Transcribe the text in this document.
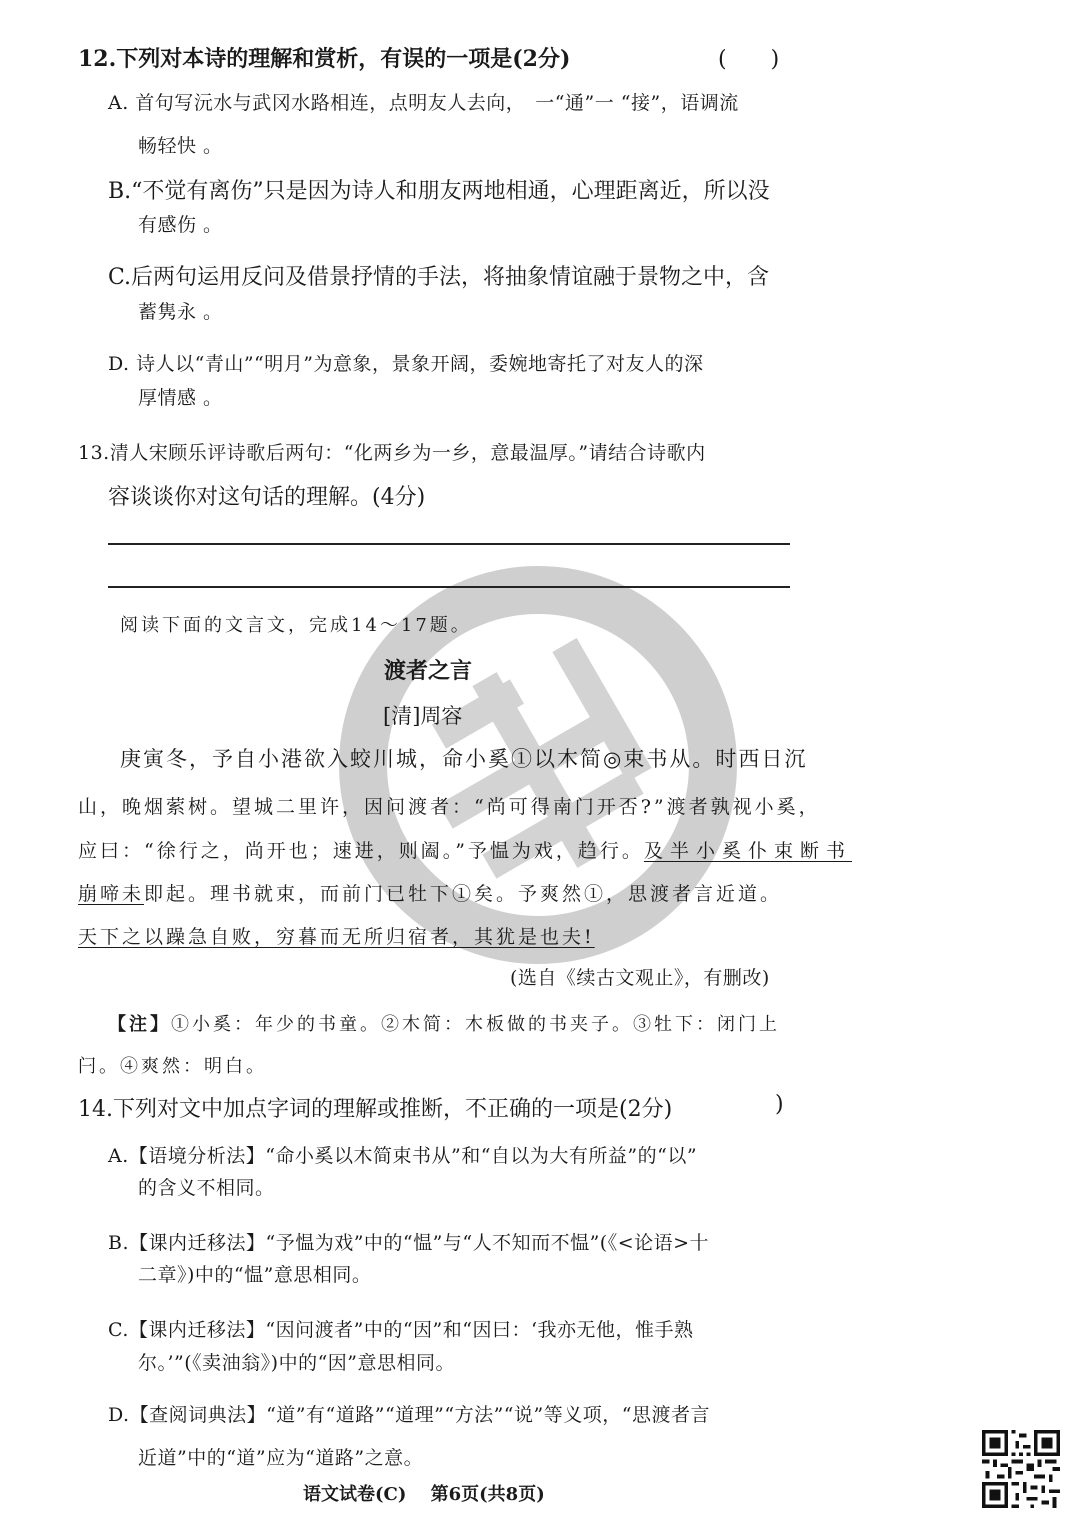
12.下列对本诗的理解和赏析，有误的一项是(2分)	(　　)
A. 首句写沅水与武冈水路相连，点明友人去向，　一“通”一 “接”，语调流
畅轻快 。
B.“不觉有离伤”只是因为诗人和朋友两地相通，心理距离近，所以没
有感伤 。
C.后两句运用反问及借景抒情的手法，将抽象情谊融于景物之中，含
蓄隽永 。
D. 诗人以“青山”“明月”为意象，景象开阔，委婉地寄托了对友人的深
厚情感 。
13.清人宋顾乐评诗歌后两句：“化两乡为一乡，意最温厚。”请结合诗歌内
容谈谈你对这句话的理解。(4分)
阅读下面的文言文，完成14～17题。
渡者之言
[清]周容
庚寅冬，予自小港欲入蛟川城，命小奚①以木简◎束书从。时西日沉
山，晚烟萦树。望城二里许，因问渡者：“尚可得南门开否?”渡者孰视小奚，
应曰：“徐行之，尚开也；速进，则阖。”予愠为戏，趋行。及半小奚仆束断书
崩啼未即起。理书就束，而前门已牡下①矣。予爽然①，思渡者言近道。
天下之以躁急自败，穷暮而无所归宿者，其犹是也夫!
(选自《续古文观止》，有删改)
【注】①小奚：年少的书童。②木简：木板做的书夹子。③牡下：闭门上
闩。④爽然：明白。
14.下列对文中加点字词的理解或推断，不正确的一项是(2分)	)
A.【语境分析法】“命小奚以木简束书从”和“自以为大有所益”的“以”
的含义不相同。
B.【课内迁移法】“予愠为戏”中的“愠”与“人不知而不愠”(《<论语>十
二章》)中的“愠”意思相同。
C.【课内迁移法】“因问渡者”中的“因”和“因曰：‘我亦无他，惟手熟
尔。’”(《卖油翁》)中的“因”意思相同。
D.【查阅词典法】“道”有“道路”“道理”“方法”“说”等义项，“思渡者言
近道”中的“道”应为“道路”之意。
语文试卷(C)　 第6页(共8页)
